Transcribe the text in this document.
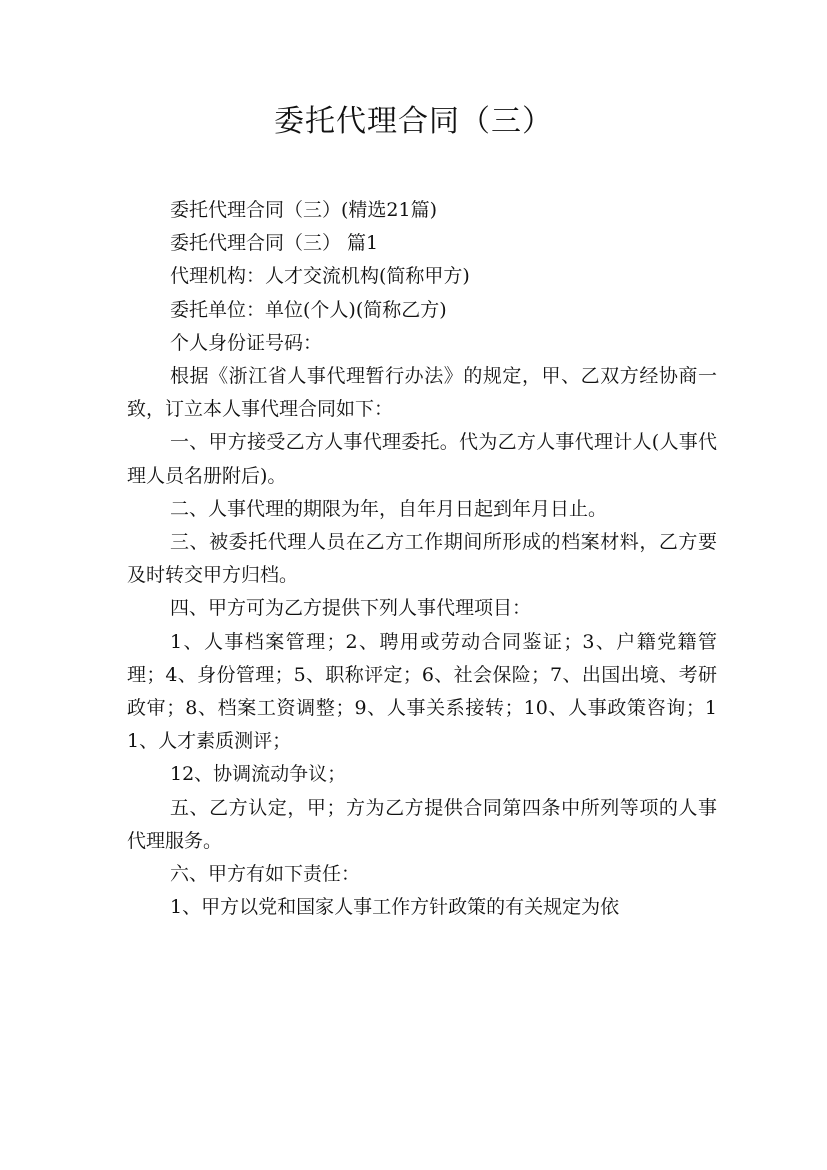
委托代理合同（三）

委托代理合同（三）(精选21篇)

委托代理合同（三） 篇1

代理机构：人才交流机构(简称甲方)

委托单位：单位(个人)(简称乙方)

个人身份证号码：

根据《浙江省人事代理暂行办法》的规定，甲、乙双方经协商一致，订立本人事代理合同如下：

一、甲方接受乙方人事代理委托。代为乙方人事代理计人(人事代理人员名册附后)。

二、人事代理的期限为年，自年月日起到年月日止。

三、被委托代理人员在乙方工作期间所形成的档案材料，乙方要及时转交甲方归档。

四、甲方可为乙方提供下列人事代理项目：

1、人事档案管理；2、聘用或劳动合同鉴证；3、户籍党籍管理；4、身份管理；5、职称评定；6、社会保险；7、出国出境、考研政审；8、档案工资调整；9、人事关系接转；10、人事政策咨询；11、人才素质测评；

12、协调流动争议；

五、乙方认定，甲；方为乙方提供合同第四条中所列等项的人事代理服务。

六、甲方有如下责任：

1、甲方以党和国家人事工作方针政策的有关规定为依
